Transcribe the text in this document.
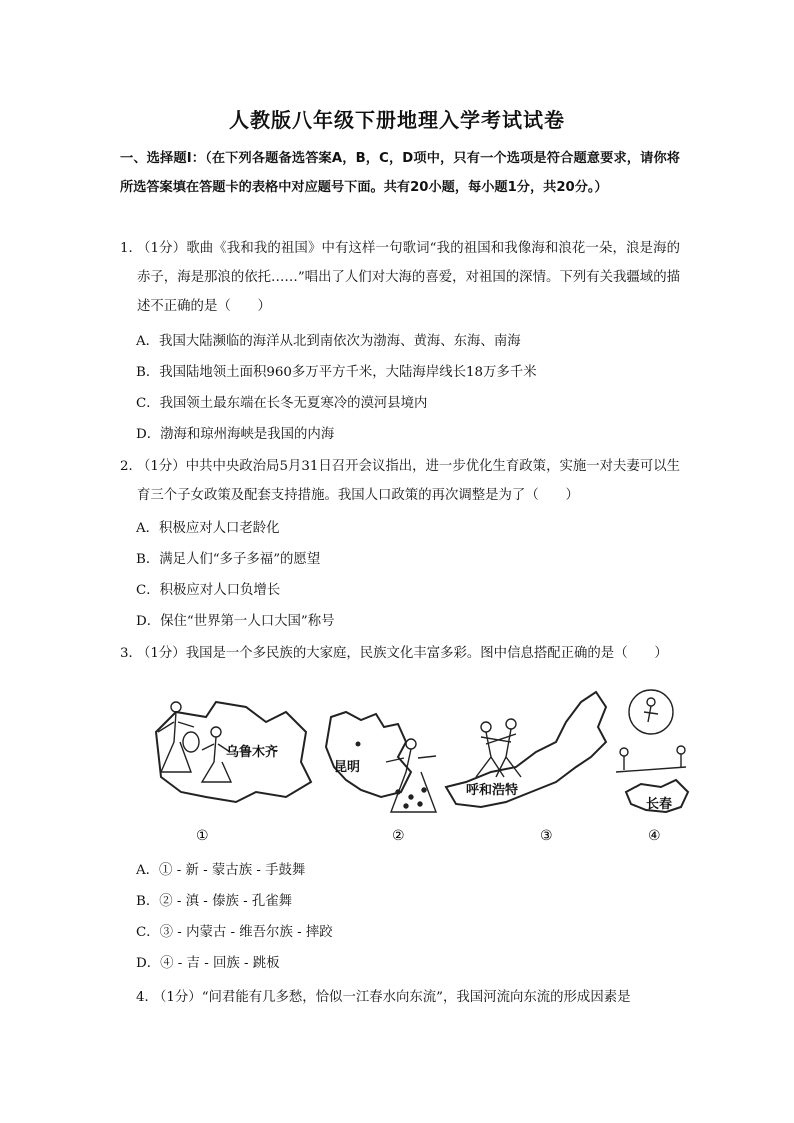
人教版八年级下册地理入学考试试卷
一、选择题Ⅰ：（在下列各题备选答案A，B，C，D项中，只有一个选项是符合题意要求，请你将所选答案填在答题卡的表格中对应题号下面。共有20小题，每小题1分，共20分。）
1．
（1分）歌曲《我和我的祖国》中有这样一句歌词“我的祖国和我像海和浪花一朵，浪是海的赤子，海是那浪的依托……”唱出了人们对大海的喜爱，对祖国的深情。下列有关我疆域的描述不正确的是（　　）
A．我国大陆濒临的海洋从北到南依次为渤海、黄海、东海、南海
B．我国陆地领土面积960多万平方千米，大陆海岸线长18万多千米
C．我国领土最东端在长冬无夏寒冷的漠河县境内
D．渤海和琼州海峡是我国的内海
2．
（1分）中共中央政治局5月31日召开会议指出，进一步优化生育政策，实施一对夫妻可以生育三个子女政策及配套支持措施。我国人口政策的再次调整是为了（　　）
A．积极应对人口老龄化
B．满足人们“多子多福”的愿望
C．积极应对人口负增长
D．保住“世界第一人口大国”称号
3．
（1分）我国是一个多民族的大家庭，民族文化丰富多彩。图中信息搭配正确的是（　　）
乌鲁木齐
①
昆明
②
呼和浩特
③
长春
④
A．① - 新 - 蒙古族 - 手鼓舞
B．② - 滇 - 傣族 - 孔雀舞
C．③ - 内蒙古 - 维吾尔族 - 摔跤
D．④ - 吉 - 回族 - 跳板
4．
（1分）“问君能有几多愁，恰似一江春水向东流”，我国河流向东流的形成因素是
